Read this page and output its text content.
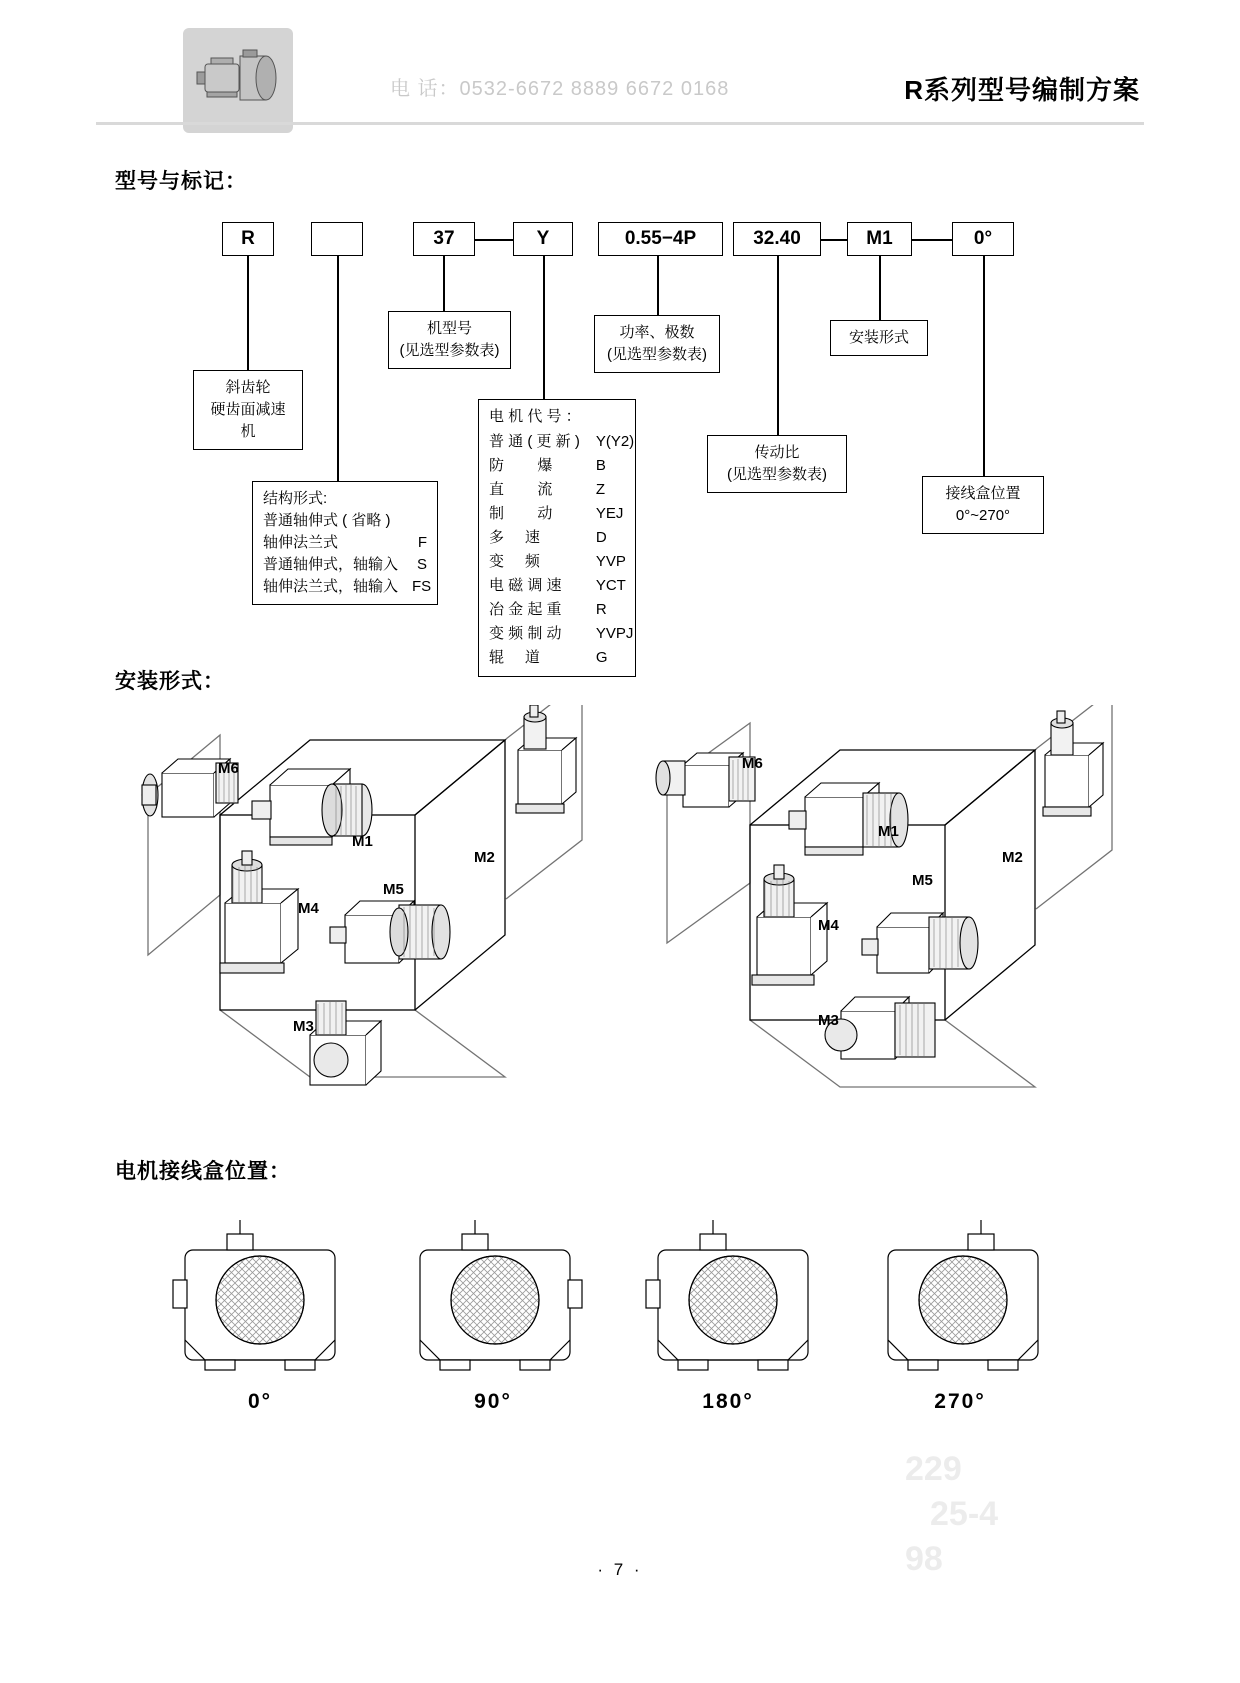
电 话：0532-6672 8889 6672 0168	R系列型号编制方案
型号与标记：
R	37	Y	0.55−4P	32.40	M1	0°
斜齿轮
硬齿面减速机
结构形式:
普通轴伸式 ( 省略 )
轴伸法兰式	F
普通轴伸式，轴输入	S
轴伸法兰式，轴输入 FS
机型号
(见选型参数表)
电 机 代 号 ：
普 通 ( 更 新 )	Y(Y2)
防        爆	B
直        流	Z
制        动	YEJ
多     速	D
变     频	YVP
电 磁 调 速	YCT
冶 金 起 重	R
变 频 制 动	YVPJ
辊     道	G
功率、极数
(见选型参数表)
传动比
(见选型参数表)
安装形式
接线盒位置
0°~270°
安装形式：
M6
M1
M2
M4
M5
M3
M6
M1
M2
M4
M5
M3
电机接线盒位置：
0°	90°	180°	270°
229
25-4
98
· 7 ·
